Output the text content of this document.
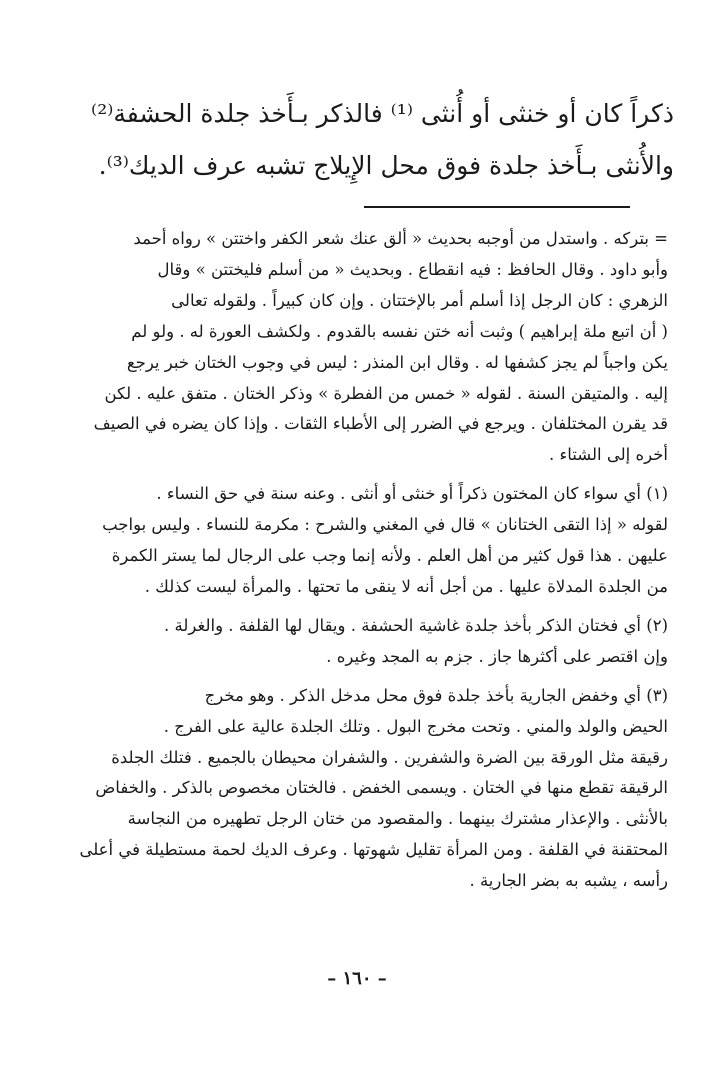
ذكراً كان أو خنثى أو أُنثى ⁽¹⁾ فالذكر بـأَخذ جلدة الحشفة⁽²⁾
والأُنثى بـأَخذ جلدة فوق محل الإِيلاج تشبه عرف الديك⁽³⁾.
= بتركه . واستدل من أوجبه بحديث « ألق عنك شعر الكفر واختتن » رواه أحمد
وأبو داود . وقال الحافظ : فيه انقطاع . وبحديث « من أسلم فليختتن » وقال
الزهري : كان الرجل إذا أسلم أمر بالإختتان . وإن كان كبيراً . ولقوله تعالى
( أن اتبع ملة إبراهيم ) وثبت أنه ختن نفسه بالقدوم . ولكشف العورة له . ولو لم
يكن واجباً لم يجز كشفها له . وقال ابن المنذر : ليس في وجوب الختان خبر يرجع
إليه . والمتيقن السنة . لقوله « خمس من الفطرة » وذكر الختان . متفق عليه . لكن
قد يقرن المختلفان . ويرجع في الضرر إلى الأطباء الثقات . وإذا كان يضره في الصيف
أخره إلى الشتاء .
(١) أي سواء كان المختون ذكراً أو خنثى أو أنثى . وعنه سنة في حق النساء .
لقوله « إذا التقى الختانان » قال في المغني والشرح : مكرمة للنساء . وليس بواجب
عليهن . هذا قول كثير من أهل العلم . ولأنه إنما وجب على الرجال لما يستر الكمرة
من الجلدة المدلاة عليها . من أجل أنه لا ينقى ما تحتها . والمرأة ليست كذلك .
(٢) أي فختان الذكر بأخذ جلدة غاشية الحشفة . ويقال لها القلفة . والغرلة .
وإن اقتصر على أكثرها جاز . جزم به المجد وغيره .
(٣) أي وخفض الجارية بأخذ جلدة فوق محل مدخل الذكر . وهو مخرج
الحيض والولد والمني . وتحت مخرج البول . وتلك الجلدة عالية على الفرج .
رقيقة مثل الورقة بين الضرة والشفرين . والشفران محيطان بالجميع . فتلك الجلدة
الرقيقة تقطع منها في الختان . ويسمى الخفض . فالختان مخصوص بالذكر . والخفاض
بالأنثى . والإعذار مشترك بينهما . والمقصود من ختان الرجل تطهيره من النجاسة
المحتقنة في القلفة . ومن المرأة تقليل شهوتها . وعرف الديك لحمة مستطيلة في أعلى
رأسه ، يشبه به بضر الجارية .
– ١٦٠ –
